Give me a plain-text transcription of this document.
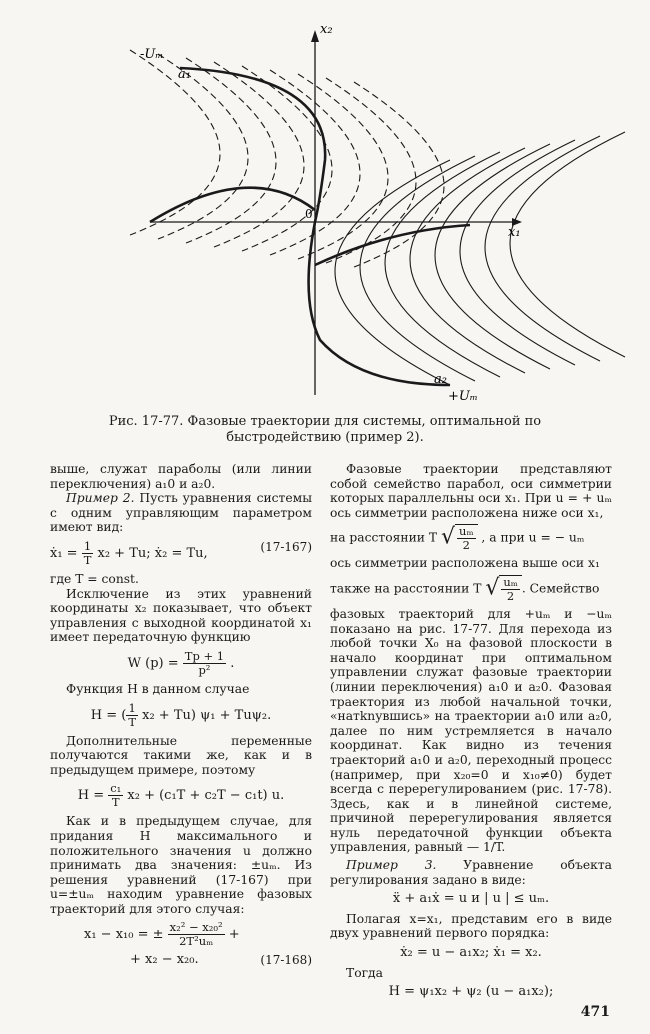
x₂
x₁
0
-Uₘ
a₁
a₂
+Uₘ
Рис. 17-77. Фазовые траектории для системы, оптимальной по
быстродействию (пример 2).

выше, служат параболы (или линии переключения) a₁0 и a₂0.

Пример 2. Пусть уравнения системы с одним управляющим параметром имеют вид:

ẋ₁ = $\frac{1}{T} x_2 + Tu$; ẋ₂ = Tu,	(17-167)

где T = const.

Исключение из этих уравнений координаты x₂ показывает, что объект управления с выходной координатой x₁ имеет передаточную функцию

W $(p) = \frac{Tp + 1}{\text{p²}}$ .

Функция H в данном случае

H = ( $\frac{1}{T} x_2 + Tu$) ψ₁ + Tuψ₂.

Дополнительные переменные получаются такими же, как и в предыдущем примере, поэтому

$H = \frac{\text{c₁}}{T} x_2 + (c_1T + c_2T - c_1t)$ u.

Как и в предыдущем случае, для придания H максимального и положительного значения u должно принимать два значения: ±uₘ. Из решения уравнений (17-167) при u=±uₘ находим уравнение фазовых траекторий для этого случая:

x₁ − x₁₀ = ± $\frac{\text{x₂² − x₂₀²}}{\text{2T²uₘ}}$ +
+ x₂ − x₂₀.	(17-168)

Фазовые траектории представляют собой семейство парабол, оси симметрии которых параллельны оси x₁. При u = + uₘ ось симметрии расположена ниже оси x₁,

на расстоянии T √ $\frac{\text{uₘ}}{2}$ , а при u = − uₘ

ось симметрии расположена выше оси x₁

также на расстоянии T √ $\frac{\text{uₘ}}{2}$ . Семейство

фазовых траекторий для +uₘ и −uₘ показано на рис. 17-77. Для перехода из любой точки X₀ на фазовой плоскости в начало координат при оптимальном управлении служат фазовые траектории (линии переключения) a₁0 и a₂0. Фазовая траектория из любой начальной точки, «натknувшись» на траектории a₁0 или a₂0, далее по ним устремляется в начало координат. Как видно из течения траекторий a₁0 и a₂0, переходный процесс (например, при x₂₀=0 и x₁₀≠0) будет всегда с перерегулированием (рис. 17-78). Здесь, как и в линейной системе, причиной перерегулирования является нуль передаточной функции объекта управления, равный — 1/T.

Пример 3. Уравнение объекта регулирования задано в виде:

ẍ + a₁ẋ = u и | u | ≤ uₘ.

Полагая x=x₁, представим его в виде двух уравнений первого порядка:

ẋ₂ = u − a₁x₂; ẋ₁ = x₂.

Тогда

H = ψ₁x₂ + ψ₂ (u − a₁x₂);
471
